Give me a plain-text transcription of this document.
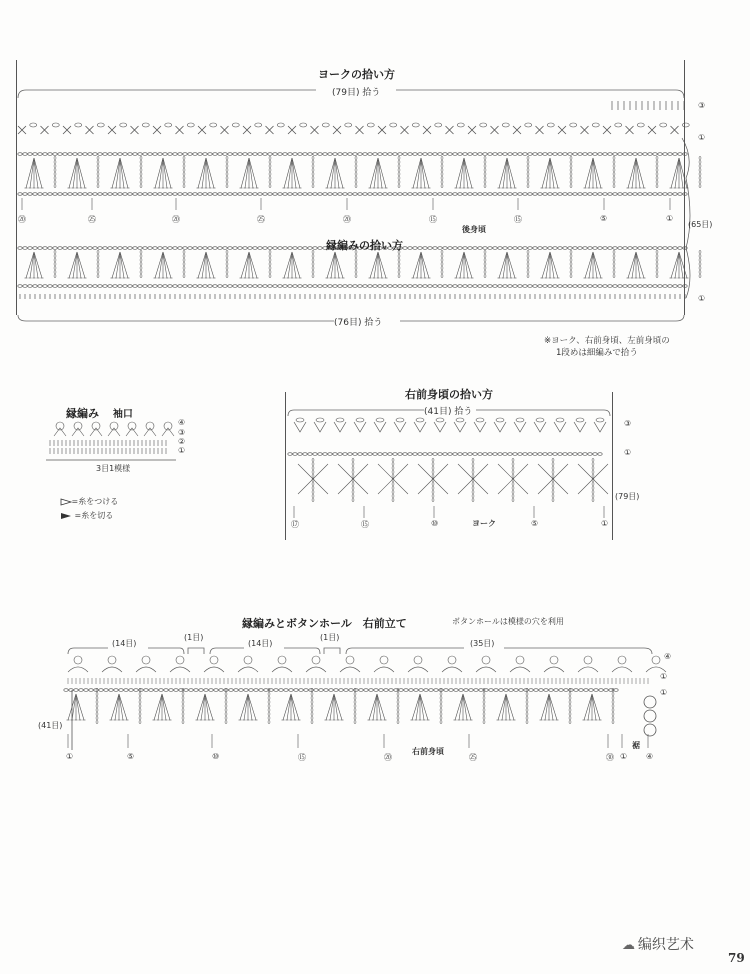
ヨークの拾い方
(79目) 拾う
③
①
(65目)
①
⑳	㉕	⑳	㉕	⑳	⑮	⑮	⑤	①
後身頃
縁編みの拾い方
(76目) 拾う
※ヨーク、右前身頃、左前身頃の
1段めは細編みで拾う
縁編み 袖口
④
③
②
①
3目1模様
=糸をつける
=糸を切る
右前身頃の拾い方
(41目) 拾う
③
①
(79目)
⑰	⑮	⑩	⑤	①
ヨーク
縁編みとボタンホール　右前立て	ボタンホールは模様の穴を利用
(14目)
(1目)
(14目)
(1目)
(35目)
④
①
①
(41目)
①	⑤	⑩	⑮	⑳	㉕	㉚ ① ④
右前身頃
裾
☁ 编织艺术
79
